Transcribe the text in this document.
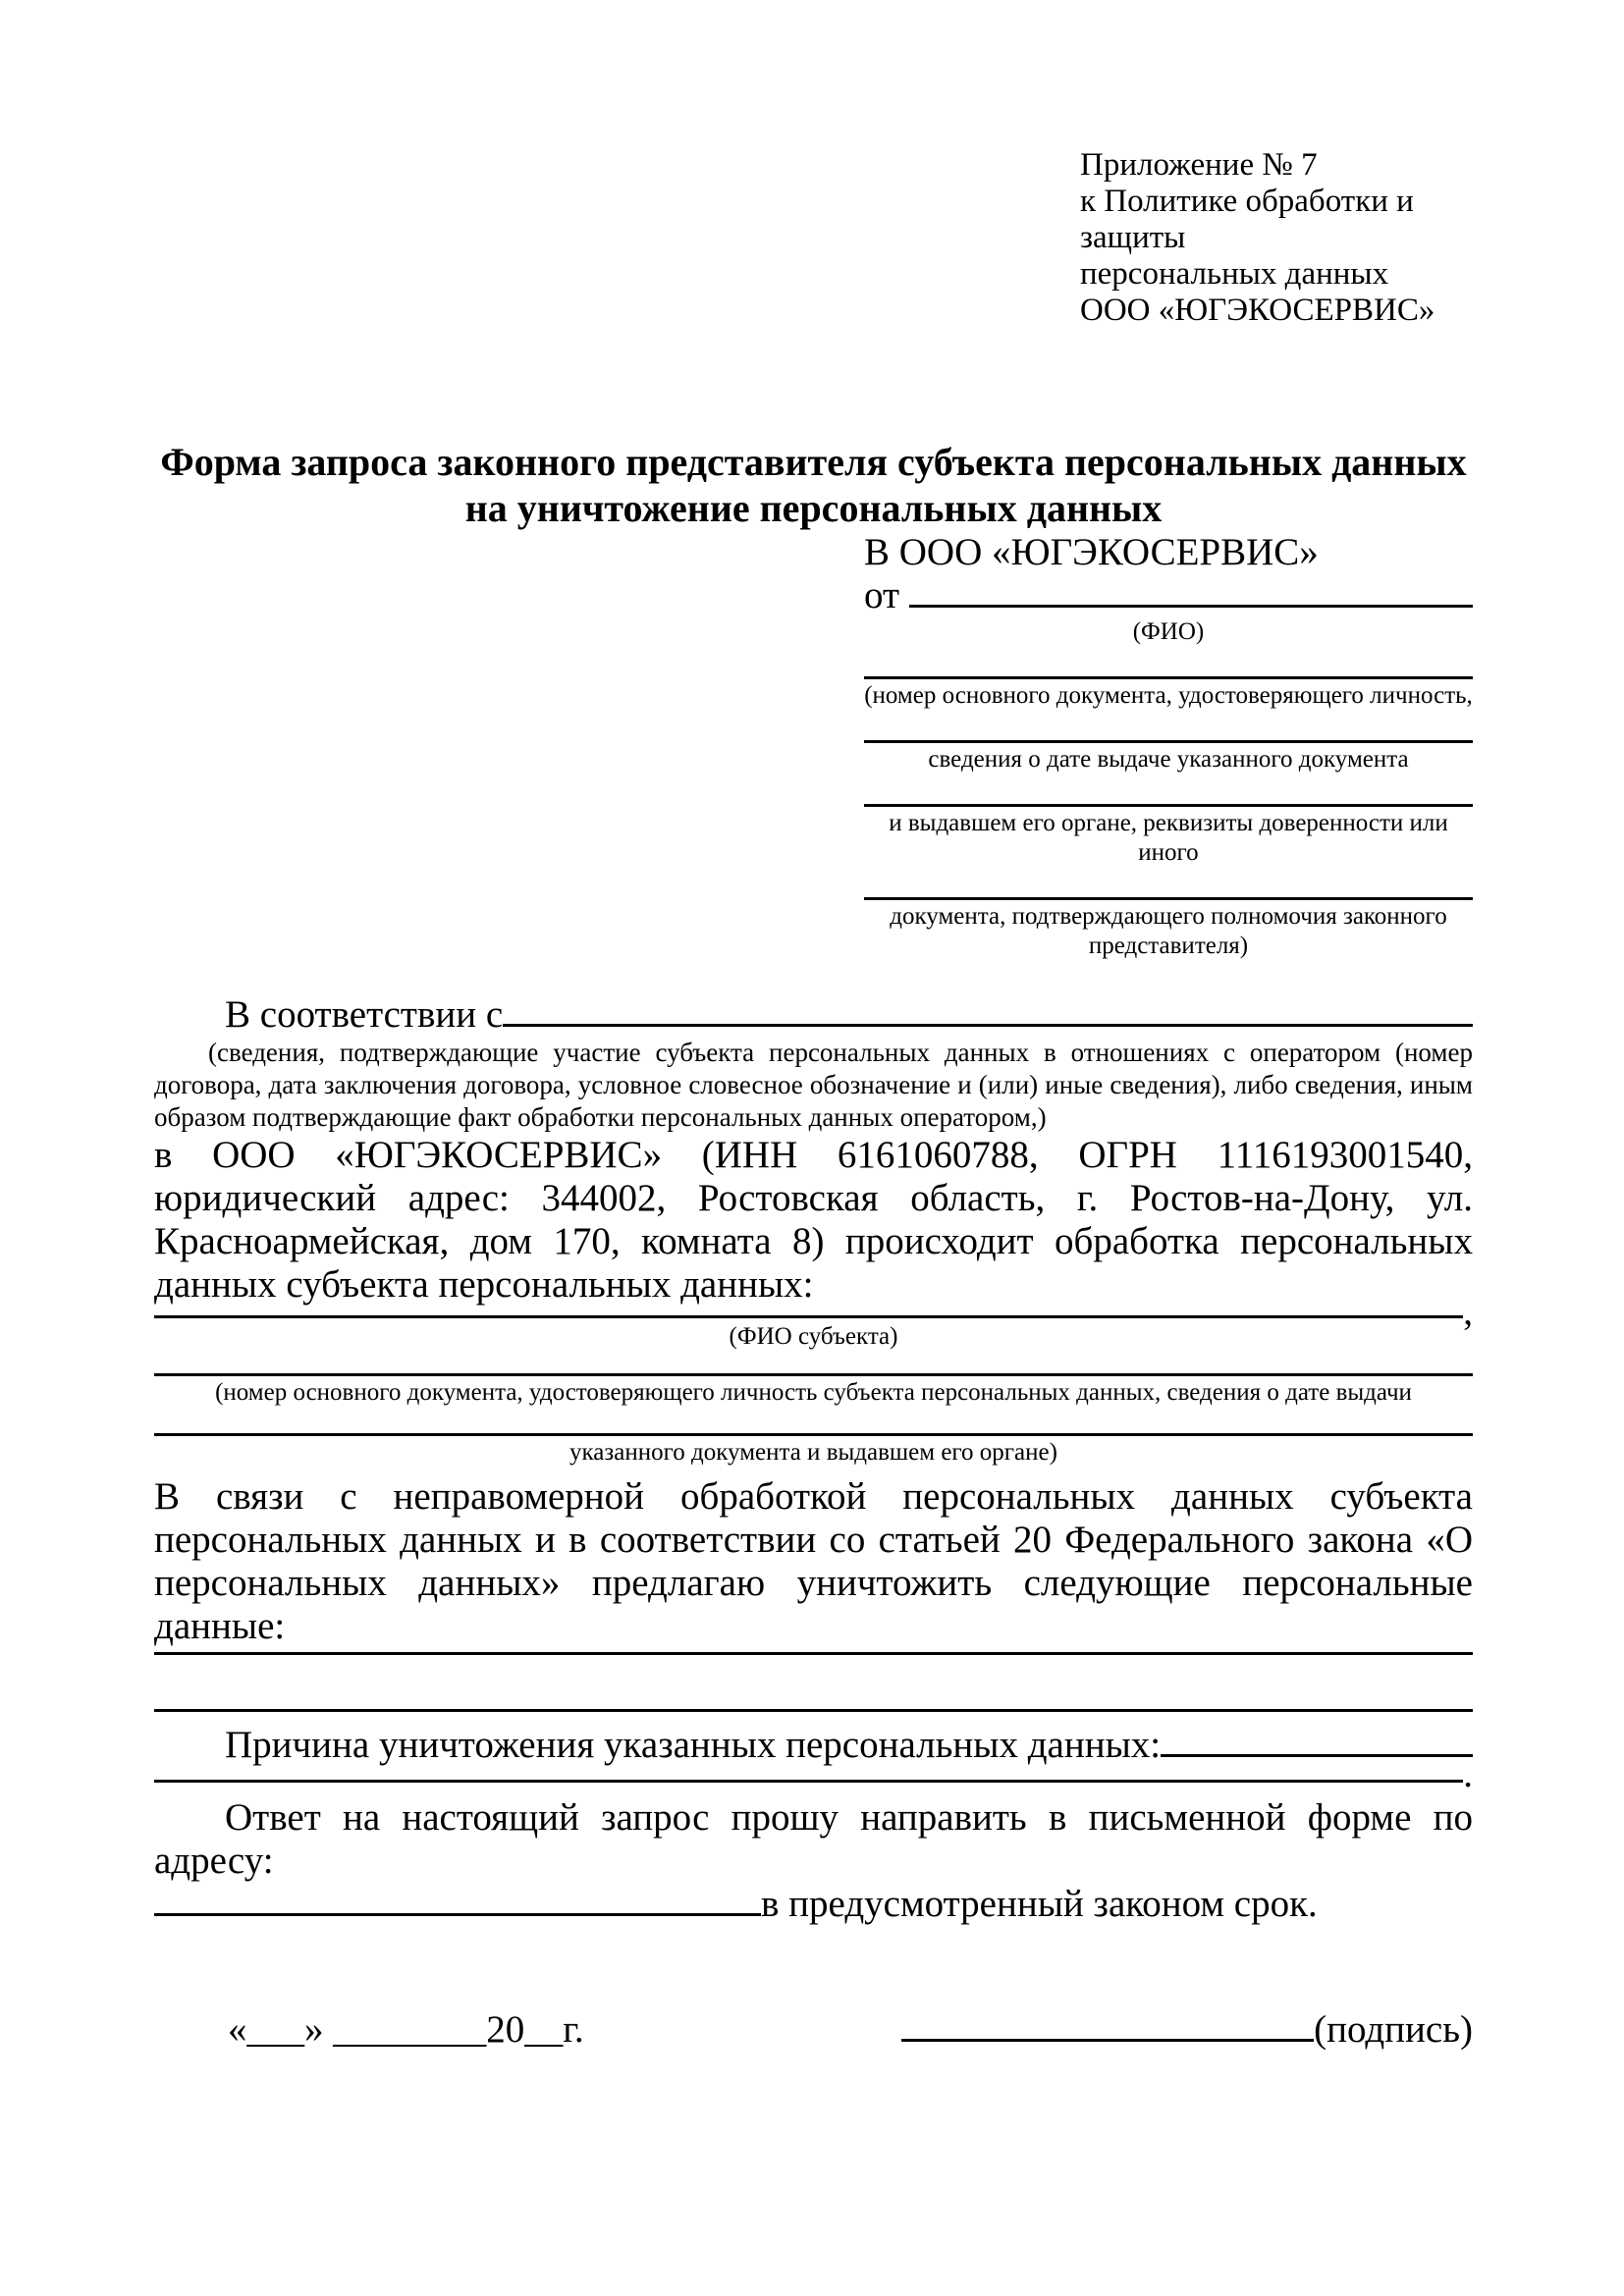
Приложение № 7
к Политике обработки и защиты
персональных данных
ООО «ЮГЭКОСЕРВИС»
Форма запроса законного представителя субъекта персональных данных
на уничтожение персональных данных
В ООО «ЮГЭКОСЕРВИС»
от
(ФИО)
(номер основного документа, удостоверяющего личность,
сведения о дате выдаче указанного документа
и выдавшем его органе, реквизиты доверенности или иного
документа, подтверждающего полномочия законного представителя)
В соответствии с
(сведения, подтверждающие участие субъекта персональных данных в отношениях с оператором (номер договора, дата заключения договора, условное словесное обозначение и (или) иные сведения), либо сведения, иным образом подтверждающие факт обработки персональных данных оператором,)
в ООО «ЮГЭКОСЕРВИС» (ИНН 6161060788, ОГРН 1116193001540, юридический адрес: 344002, Ростовская область, г. Ростов-на-Дону, ул. Красноармейская, дом 170, комната 8) происходит обработка персональных данных субъекта персональных данных:
,
(ФИО субъекта)
(номер основного документа, удостоверяющего личность субъекта персональных данных, сведения о дате выдачи
указанного документа и выдавшем его органе)
В связи с неправомерной обработкой персональных данных субъекта персональных данных и в соответствии со статьей 20 Федерального закона «О персональных данных» предлагаю уничтожить следующие персональные данные:
Причина уничтожения указанных персональных данных:
.
Ответ на настоящий запрос прошу направить в письменной форме по адресу:
в предусмотренный законом срок.
«___» ________20__г.	(подпись)
